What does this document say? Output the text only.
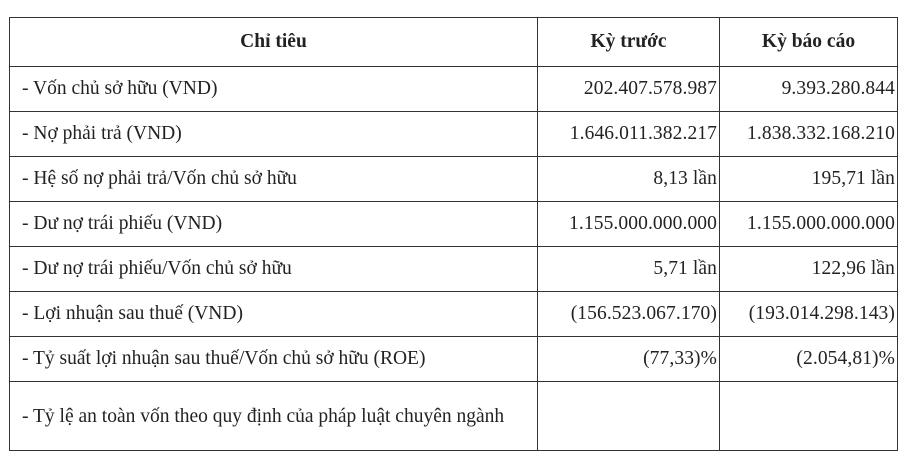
Chỉ tiêu	Kỳ trước	Kỳ báo cáo
- Vốn chủ sở hữu (VND)	202.407.578.987	9.393.280.844
- Nợ phải trả (VND)	1.646.011.382.217	1.838.332.168.210
- Hệ số nợ phải trả/Vốn chủ sở hữu	8,13 lần	195,71 lần
- Dư nợ trái phiếu (VND)	1.155.000.000.000	1.155.000.000.000
- Dư nợ trái phiếu/Vốn chủ sở hữu	5,71 lần	122,96 lần
- Lợi nhuận sau thuế (VND)	(156.523.067.170)	(193.014.298.143)
- Tỷ suất lợi nhuận sau thuế/Vốn chủ sở hữu (ROE)	(77,33)%	(2.054,81)%
- Tỷ lệ an toàn vốn theo quy định của pháp luật chuyên ngành		
